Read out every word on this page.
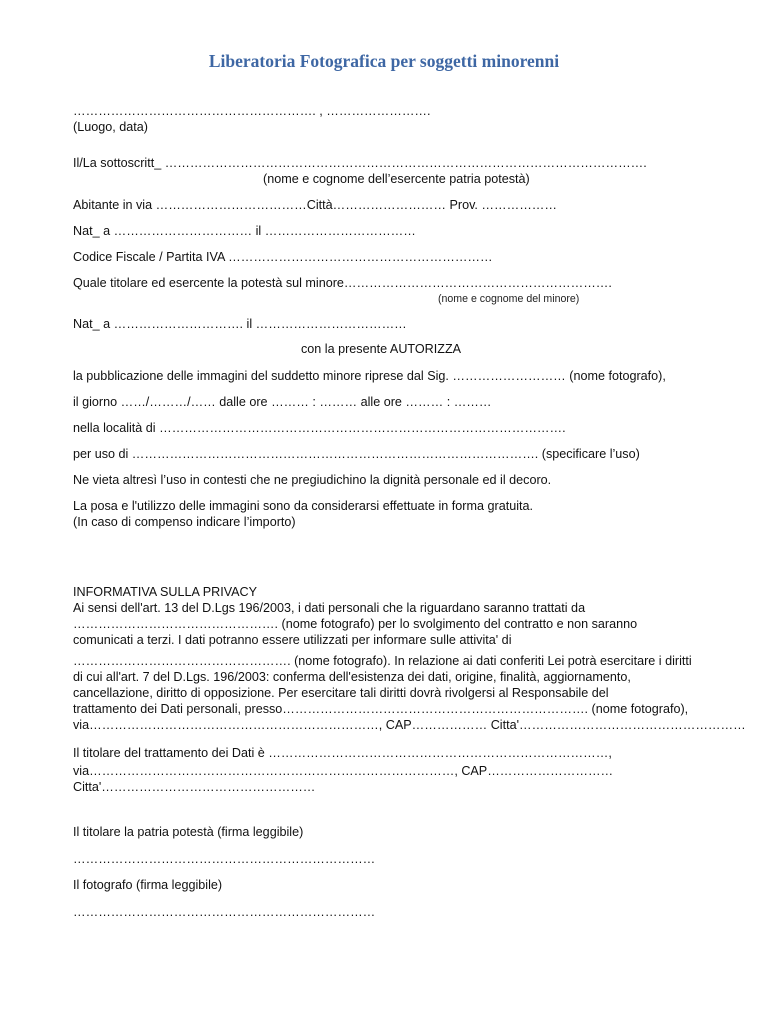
Liberatoria Fotografica per soggetti minorenni
…………………………………………………. , …………………….
(Luogo, data)
Il/La sottoscritt_ …………………………………………………………………………………………………….
(nome e cognome dell’esercente patria potestà)
Abitante in via ………………………………Città……………………… Prov. ………………
Nat_ a …………………………… il ………………………………
Codice Fiscale / Partita IVA ………………………………………………………
Quale titolare ed esercente la potestà sul minore……………………………………………………….
(nome e cognome del minore)
Nat_ a …………………………. il ………………………………
con la presente AUTORIZZA
la pubblicazione delle immagini del suddetto minore riprese dal Sig. ……………………… (nome fotografo),
il giorno ……/………/…… dalle ore ……… : ……… alle ore ……… : ………
nella località di …………………………………………………………………………………….
per uso di ……………………………………………………………………………………. (specificare l’uso)
Ne vieta altresì l’uso in contesti che ne pregiudichino la dignità personale ed il decoro.
La posa e l'utilizzo delle immagini sono da considerarsi effettuate in forma gratuita.
(In caso di compenso indicare l’importo)
INFORMATIVA SULLA PRIVACY
Ai sensi dell'art. 13 del D.Lgs 196/2003, i dati personali che la riguardano saranno trattati da
…………………………………………. (nome fotografo) per lo svolgimento del contratto e non saranno
comunicati a terzi. I dati potranno essere utilizzati per informare sulle attivita' di
……………………………………………. (nome fotografo). In relazione ai dati conferiti Lei potrà esercitare i diritti
di cui all'art. 7 del D.Lgs. 196/2003: conferma dell'esistenza dei dati, origine, finalità, aggiornamento,
cancellazione, diritto di opposizione. Per esercitare tali diritti dovrà rivolgersi al Responsabile del
trattamento dei Dati personali, presso………………………………………………………………. (nome fotografo),
via……………………………………………………………, CAP……………… Citta'………………………………………………
Il titolare del trattamento dei Dati è ………………………………………………………………………,
via……………………………………………………………………………, CAP…………………………
Citta'……………………………………………
Il titolare la patria potestà (firma leggibile)
………………………………………………………………
Il fotografo (firma leggibile)
………………………………………………………………
